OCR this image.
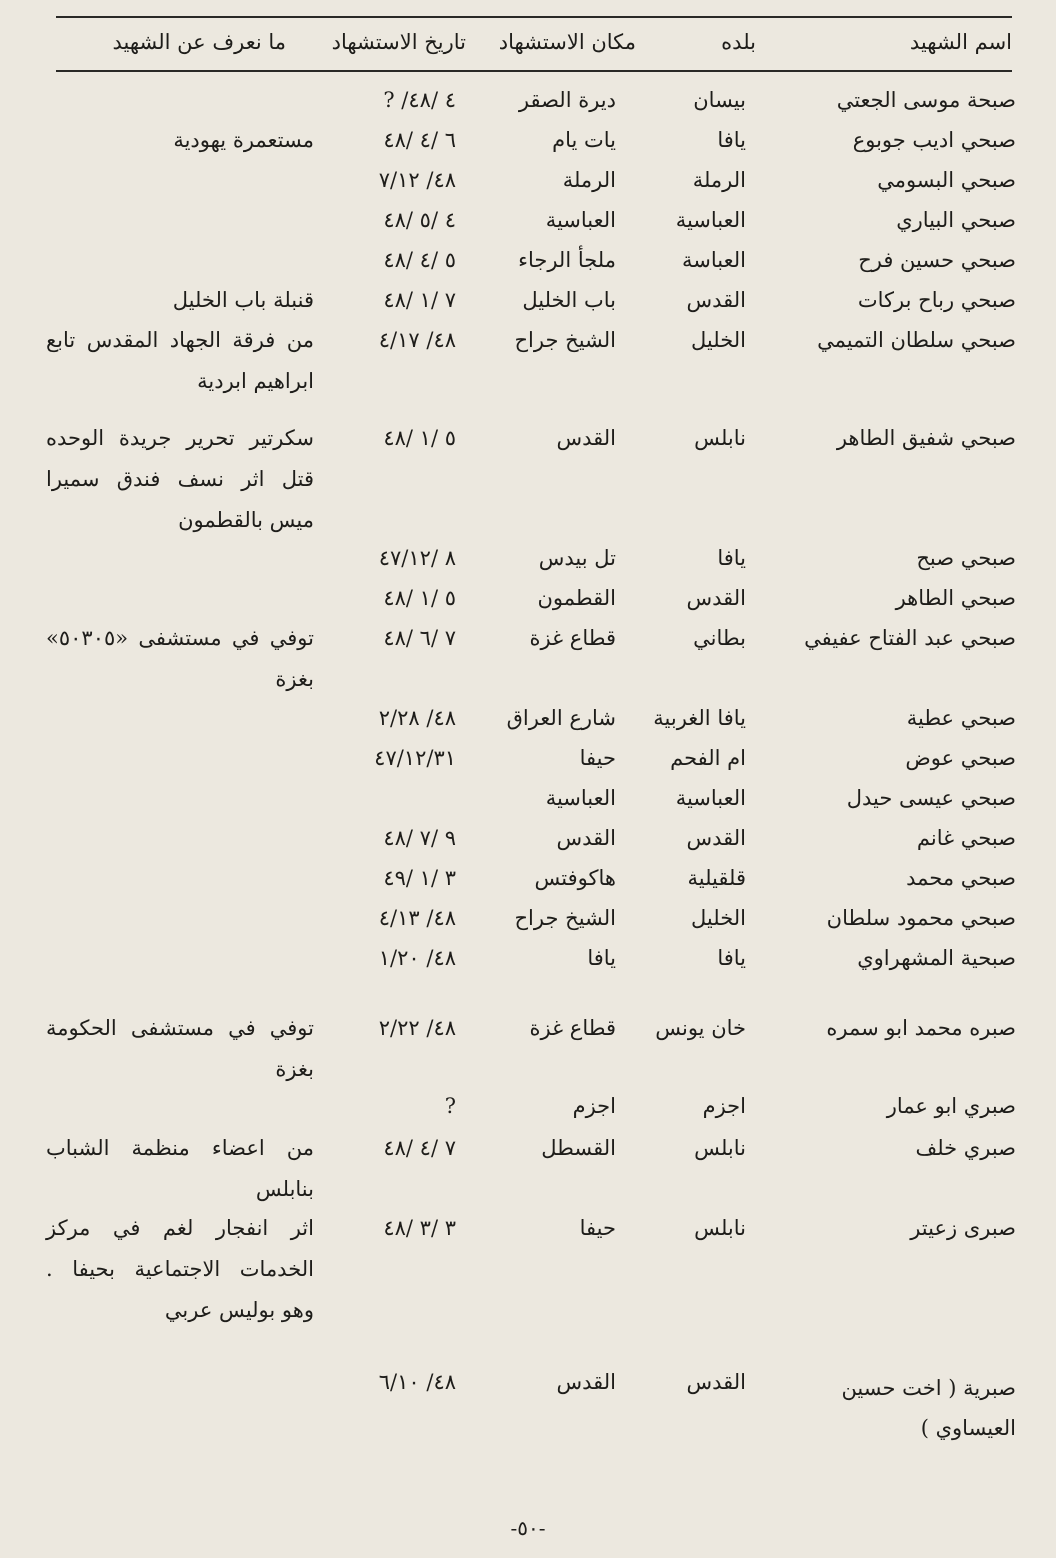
اسم الشهيد
بلده
مكان الاستشهاد
تاريخ الاستشهاد
ما نعرف عن الشهيد
صبحة موسى الجعتي
بيسان
ديرة الصقر
? /٤ /٤٨
صبحي اديب جوبوع
يافا
يات يام
٦ /٤ /٤٨
مستعمرة يهودية
صبحي البسومي
الرملة
الرملة
٤٨/ ٧/١٢
صبحي البياري
العباسية
العباسية
٤ /٥ /٤٨
صبحي حسين فرح
العباسة
ملجأ الرجاء
٥ /٤ /٤٨
صبحي رباح بركات
القدس
باب الخليل
٧ /١ /٤٨
قنبلة باب الخليل
صبحي سلطان التميمي
الخليل
الشيخ جراح
٤٨/ ٤/١٧
من فرقة الجهاد المقدس تابع ابراهيم ابردية
صبحي شفيق الطاهر
نابلس
القدس
٥ /١ /٤٨
سكرتير تحرير جريدة الوحده قتل اثر نسف فندق سميرا ميس بالقطمون
صبحي صبح
يافا
تل بيدس
٨ /٤٧/١٢
صبحي الطاهر
القدس
القطمون
٥ /١ /٤٨
صبحي عبد الفتاح عفيفي
بطاني
قطاع غزة
٧ /٦ /٤٨
توفي في مستشفى «٥٠٣٠٥» بغزة
صبحي عطية
يافا الغربية
شارع العراق
٤٨/ ٢/٢٨
صبحي عوض
ام الفحم
حيفا
٤٧/١٢/٣١
صبحي عيسى حيدل
العباسية
العباسية
صبحي غانم
القدس
القدس
٩ /٧ /٤٨
صبحي محمد
قلقيلية
هاكوفتس
٣ /١ /٤٩
صبحي محمود سلطان
الخليل
الشيخ جراح
٤٨/ ٤/١٣
صبحية المشهراوي
يافا
يافا
٤٨/ ١/٢٠
صبره محمد ابو سمره
خان يونس
قطاع غزة
٤٨/ ٢/٢٢
توفي في مستشفى الحكومة بغزة
صبري ابو عمار
اجزم
اجزم
?
صبري خلف
نابلس
القسطل
٧ /٤ /٤٨
من اعضاء منظمة الشباب بنابلس
صبرى زعيتر
نابلس
حيفا
٣ /٣ /٤٨
اثر انفجار لغم في مركز الخدمات الاجتماعية بحيفا . وهو بوليس عربي
صبرية ( اخت حسين العيساوي )
القدس
القدس
٤٨/ ٦/١٠
-٥٠-
